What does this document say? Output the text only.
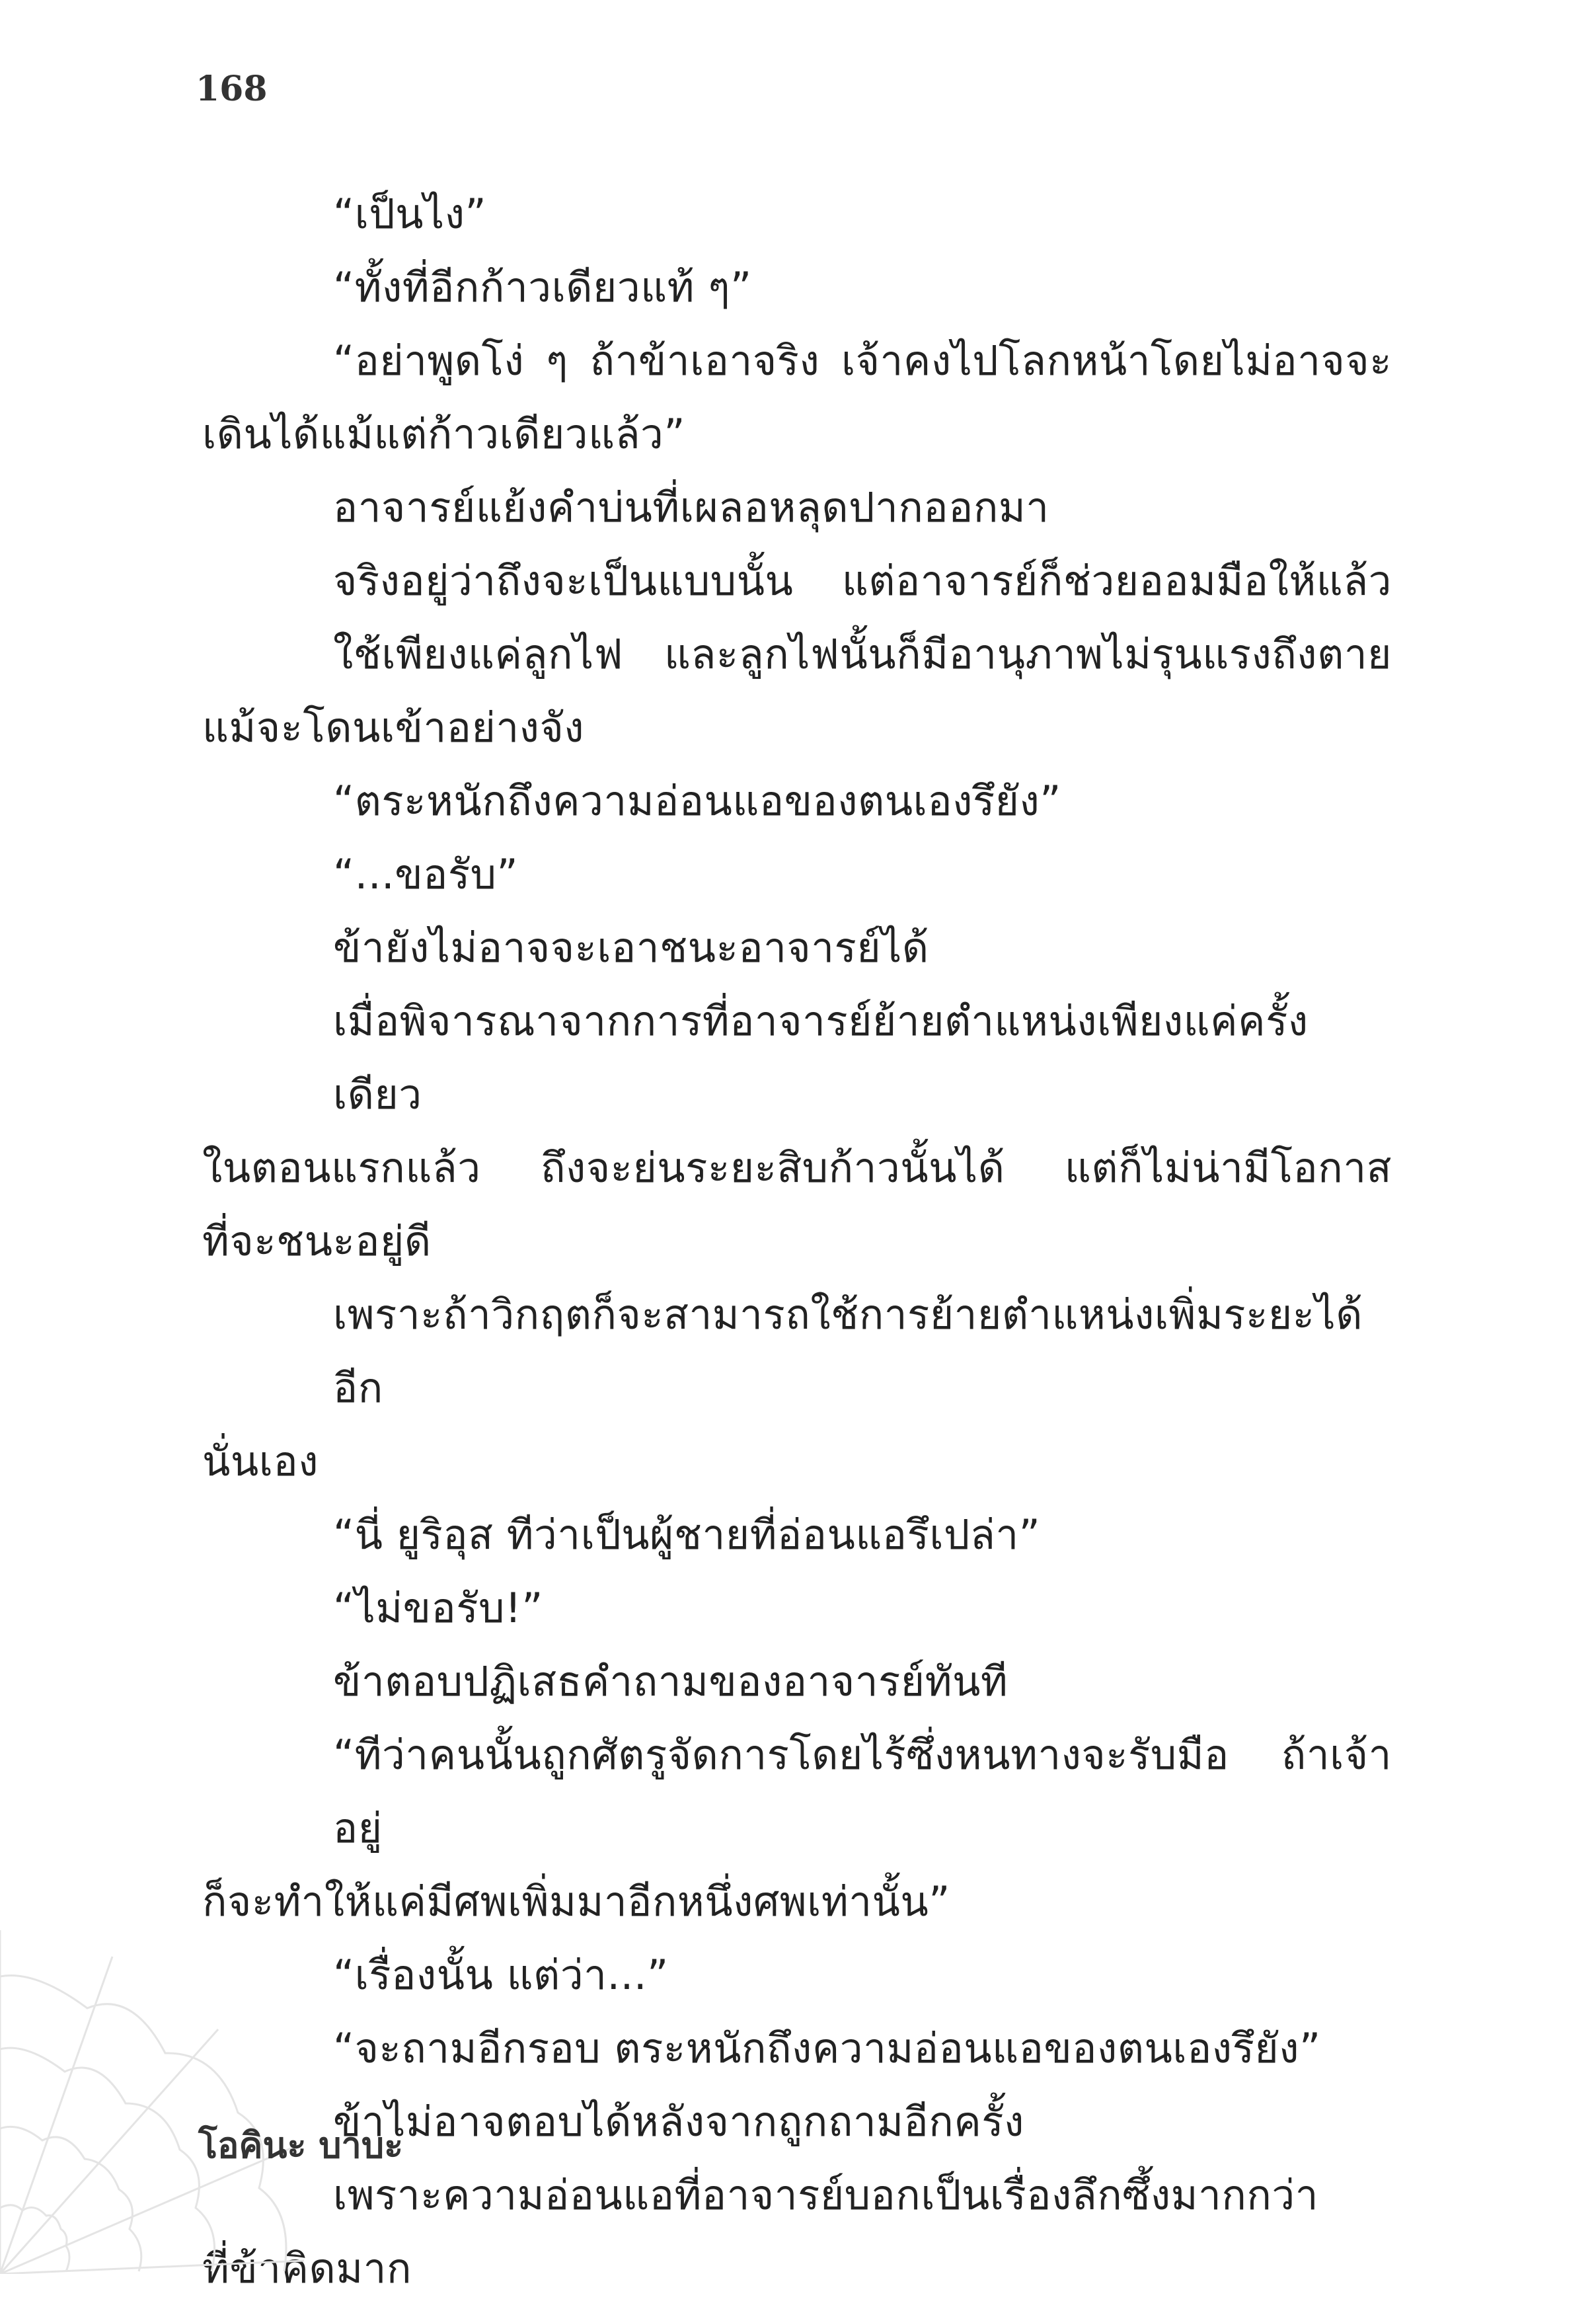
168
“เป็นไง”
“ทั้งที่อีกก้าวเดียวแท้ ๆ”
“อย่าพูดโง่ ๆ ถ้าข้าเอาจริง เจ้าคงไปโลกหน้าโดยไม่อาจจะ
เดินได้แม้แต่ก้าวเดียวแล้ว”
อาจารย์แย้งคำบ่นที่เผลอหลุดปากออกมา
จริงอยู่ว่าถึงจะเป็นแบบนั้น แต่อาจารย์ก็ช่วยออมมือให้แล้ว
ใช้เพียงแค่ลูกไฟ และลูกไฟนั้นก็มีอานุภาพไม่รุนแรงถึงตาย
แม้จะโดนเข้าอย่างจัง
“ตระหนักถึงความอ่อนแอของตนเองรึยัง”
“...ขอรับ”
ข้ายังไม่อาจจะเอาชนะอาจารย์ได้
เมื่อพิจารณาจากการที่อาจารย์ย้ายตำแหน่งเพียงแค่ครั้งเดียว
ในตอนแรกแล้ว ถึงจะย่นระยะสิบก้าวนั้นได้ แต่ก็ไม่น่ามีโอกาส
ที่จะชนะอยู่ดี
เพราะถ้าวิกฤตก็จะสามารถใช้การย้ายตำแหน่งเพิ่มระยะได้อีก
นั่นเอง
“นี่ ยูริอุส ทีว่าเป็นผู้ชายที่อ่อนแอรึเปล่า”
“ไม่ขอรับ!”
ข้าตอบปฏิเสธคำถามของอาจารย์ทันที
“ทีว่าคนนั้นถูกศัตรูจัดการโดยไร้ซึ่งหนทางจะรับมือ ถ้าเจ้าอยู่
ก็จะทำให้แค่มีศพเพิ่มมาอีกหนึ่งศพเท่านั้น”
“เรื่องนั้น แต่ว่า...”
“จะถามอีกรอบ ตระหนักถึงความอ่อนแอของตนเองรึยัง”
ข้าไม่อาจตอบได้หลังจากถูกถามอีกครั้ง
เพราะความอ่อนแอที่อาจารย์บอกเป็นเรื่องลึกซึ้งมากกว่า
ที่ข้าคิดมาก
โอคินะ บาบะ
